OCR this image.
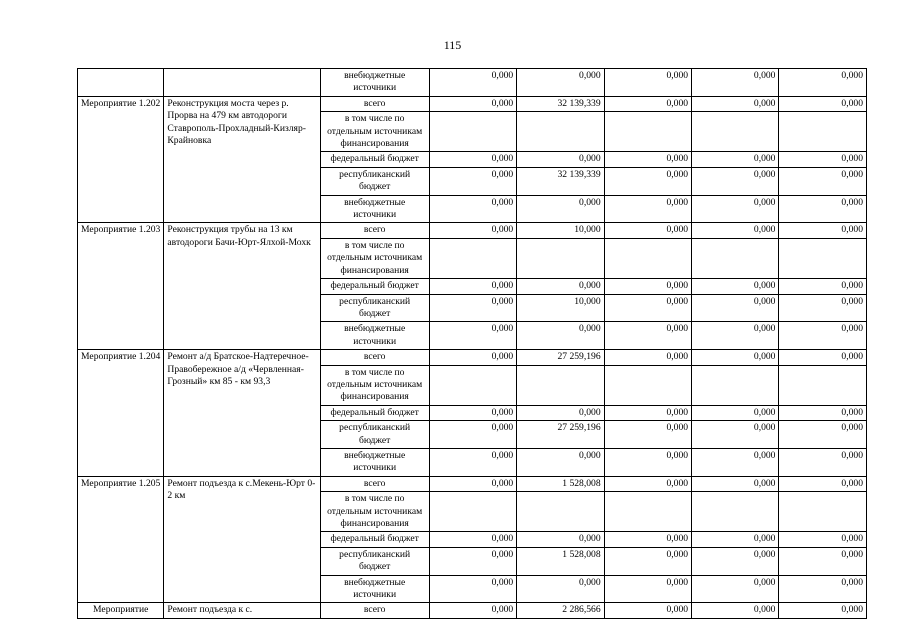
115
		внебюджетные источники	0,000	0,000	0,000	0,000	0,000
Мероприятие 1.202	Реконструкция моста через р. Прорва на 479 км автодороги Ставрополь-Прохладный-Кизляр-Крайновка	всего	0,000	32 139,339	0,000	0,000	0,000
		в том числе по отдельным источникам финансирования					
		федеральный бюджет	0,000	0,000	0,000	0,000	0,000
		республиканский бюджет	0,000	32 139,339	0,000	0,000	0,000
		внебюджетные источники	0,000	0,000	0,000	0,000	0,000
Мероприятие 1.203	Реконструкция трубы на 13 км автодороги Бачи-Юрт-Ялхой-Мохк	всего	0,000	10,000	0,000	0,000	0,000
		в том числе по отдельным источникам финансирования					
		федеральный бюджет	0,000	0,000	0,000	0,000	0,000
		республиканский бюджет	0,000	10,000	0,000	0,000	0,000
		внебюджетные источники	0,000	0,000	0,000	0,000	0,000
Мероприятие 1.204	Ремонт а/д Братское-Надтеречное-Правобережное а/д «Червленная-Грозный» км 85 - км 93,3	всего	0,000	27 259,196	0,000	0,000	0,000
		в том числе по отдельным источникам финансирования					
		федеральный бюджет	0,000	0,000	0,000	0,000	0,000
		республиканский бюджет	0,000	27 259,196	0,000	0,000	0,000
		внебюджетные источники	0,000	0,000	0,000	0,000	0,000
Мероприятие 1.205	Ремонт подъезда к с.Мекень-Юрт 0-2 км	всего	0,000	1 528,008	0,000	0,000	0,000
		в том числе по отдельным источникам финансирования					
		федеральный бюджет	0,000	0,000	0,000	0,000	0,000
		республиканский бюджет	0,000	1 528,008	0,000	0,000	0,000
		внебюджетные источники	0,000	0,000	0,000	0,000	0,000
Мероприятие	Ремонт подъезда к с.	всего	0,000	2 286,566	0,000	0,000	0,000
